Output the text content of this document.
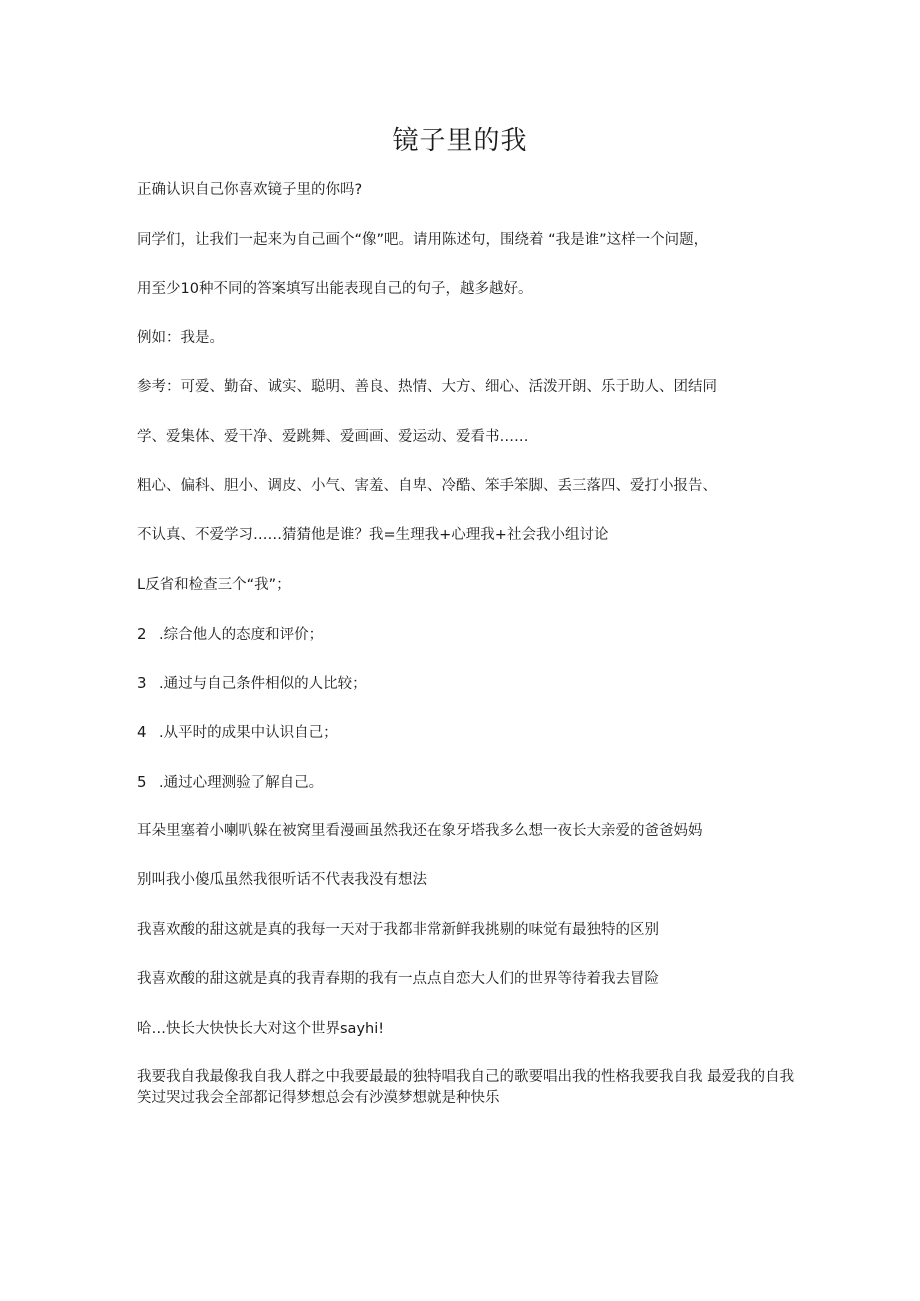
镜子里的我

正确认识自己你喜欢镜子里的你吗?

同学们，让我们一起来为自己画个“像”吧。请用陈述句，围绕着 “我是谁”这样一个问题，

用至少10种不同的答案填写出能表现自己的句子，越多越好。

例如：我是。

参考：可爱、勤奋、诚实、聪明、善良、热情、大方、细心、活泼开朗、乐于助人、团结同

学、爱集体、爱干净、爱跳舞、爱画画、爱运动、爱看书……

粗心、偏科、胆小、调皮、小气、害羞、自卑、冷酷、笨手笨脚、丢三落四、爱打小报告、

不认真、不爱学习……猜猜他是谁？我=生理我+心理我+社会我小组讨论

L反省和检查三个“我”；

2 .综合他人的态度和评价；

3 .通过与自己条件相似的人比较；

4 .从平时的成果中认识自己；

5 .通过心理测验了解自己。

耳朵里塞着小喇叭躲在被窝里看漫画虽然我还在象牙塔我多么想一夜长大亲爱的爸爸妈妈

别叫我小傻瓜虽然我很听话不代表我没有想法

我喜欢酸的甜这就是真的我每一天对于我都非常新鲜我挑剔的味觉有最独特的区别

我喜欢酸的甜这就是真的我青春期的我有一点点自恋大人们的世界等待着我去冒险

哈…快长大快快长大对这个世界sayhi!

我要我自我最像我自我人群之中我要最最的独特唱我自己的歌要唱出我的性格我要我自我 最爱我的自我笑过哭过我会全部都记得梦想总会有沙漠梦想就是种快乐
